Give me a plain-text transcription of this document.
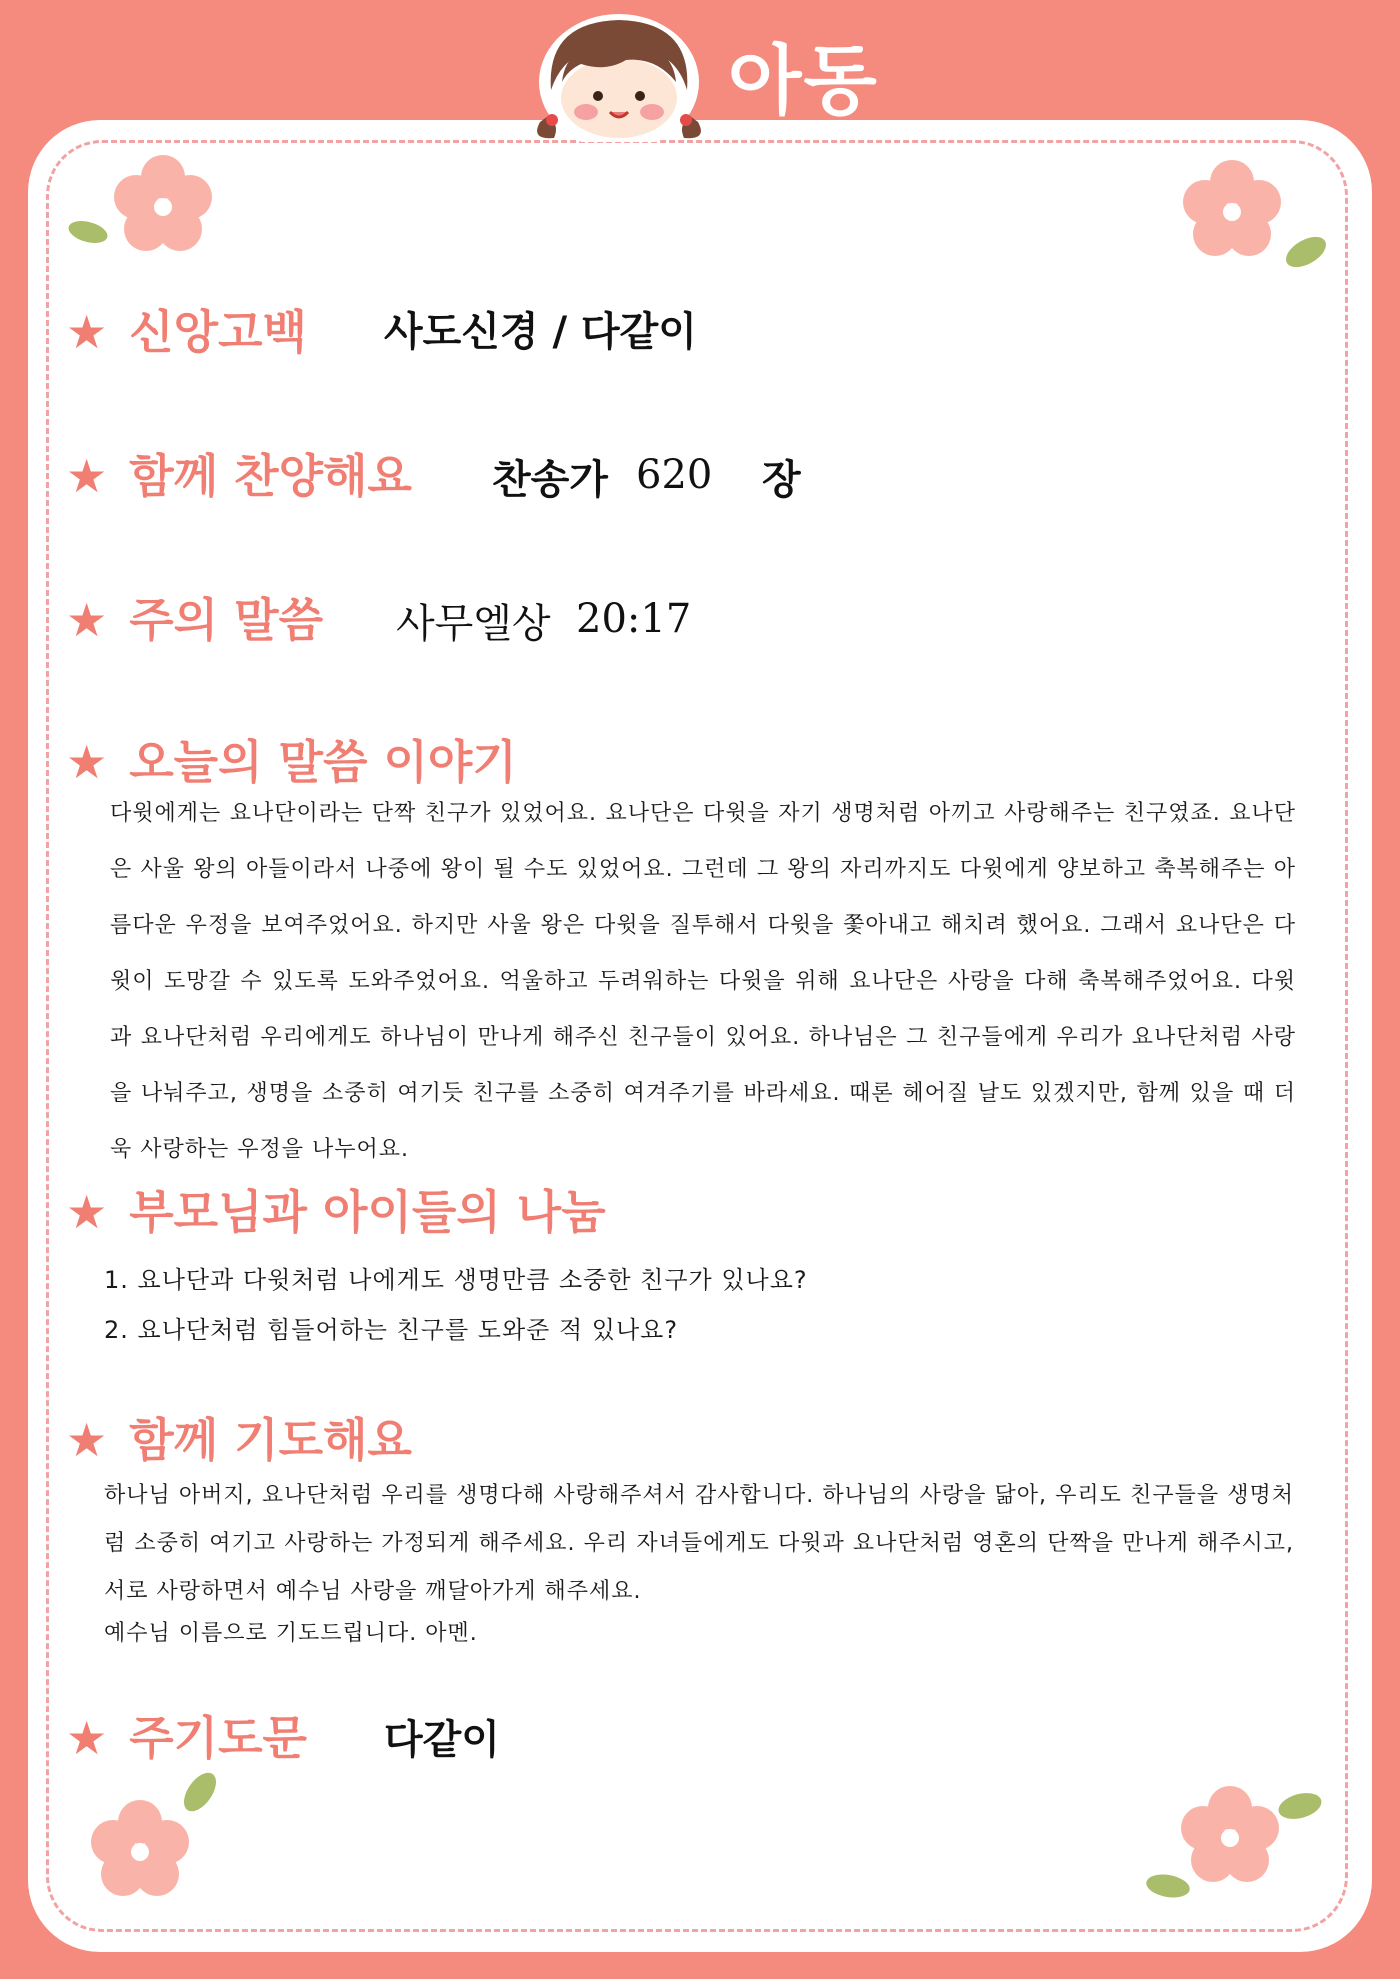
아동
★ 신앙고백 사도신경 / 다같이
★ 함께 찬양해요 찬송가 620 장
★ 주의 말씀 사무엘상 20:17
★ 오늘의 말씀 이야기
다윗에게는 요나단이라는 단짝 친구가 있었어요. 요나단은 다윗을 자기 생명처럼 아끼고 사랑해주는 친구였죠. 요나단은 사울 왕의 아들이라서 나중에 왕이 될 수도 있었어요. 그런데 그 왕의 자리까지도 다윗에게 양보하고 축복해주는 아름다운 우정을 보여주었어요. 하지만 사울 왕은 다윗을 질투해서 다윗을 쫓아내고 해치려 했어요. 그래서 요나단은 다윗이 도망갈 수 있도록 도와주었어요. 억울하고 두려워하는 다윗을 위해 요나단은 사랑을 다해 축복해주었어요. 다윗과 요나단처럼 우리에게도 하나님이 만나게 해주신 친구들이 있어요. 하나님은 그 친구들에게 우리가 요나단처럼 사랑을 나눠주고, 생명을 소중히 여기듯 친구를 소중히 여겨주기를 바라세요. 때론 헤어질 날도 있겠지만, 함께 있을 때 더욱 사랑하는 우정을 나누어요.
★ 부모님과 아이들의 나눔
1. 요나단과 다윗처럼 나에게도 생명만큼 소중한 친구가 있나요?
2. 요나단처럼 힘들어하는 친구를 도와준 적 있나요?
★ 함께 기도해요
하나님 아버지, 요나단처럼 우리를 생명다해 사랑해주셔서 감사합니다. 하나님의 사랑을 닮아, 우리도 친구들을 생명처럼 소중히 여기고 사랑하는 가정되게 해주세요. 우리 자녀들에게도 다윗과 요나단처럼 영혼의 단짝을 만나게 해주시고, 서로 사랑하면서 예수님 사랑을 깨달아가게 해주세요.
예수님 이름으로 기도드립니다. 아멘.
★ 주기도문 다같이
